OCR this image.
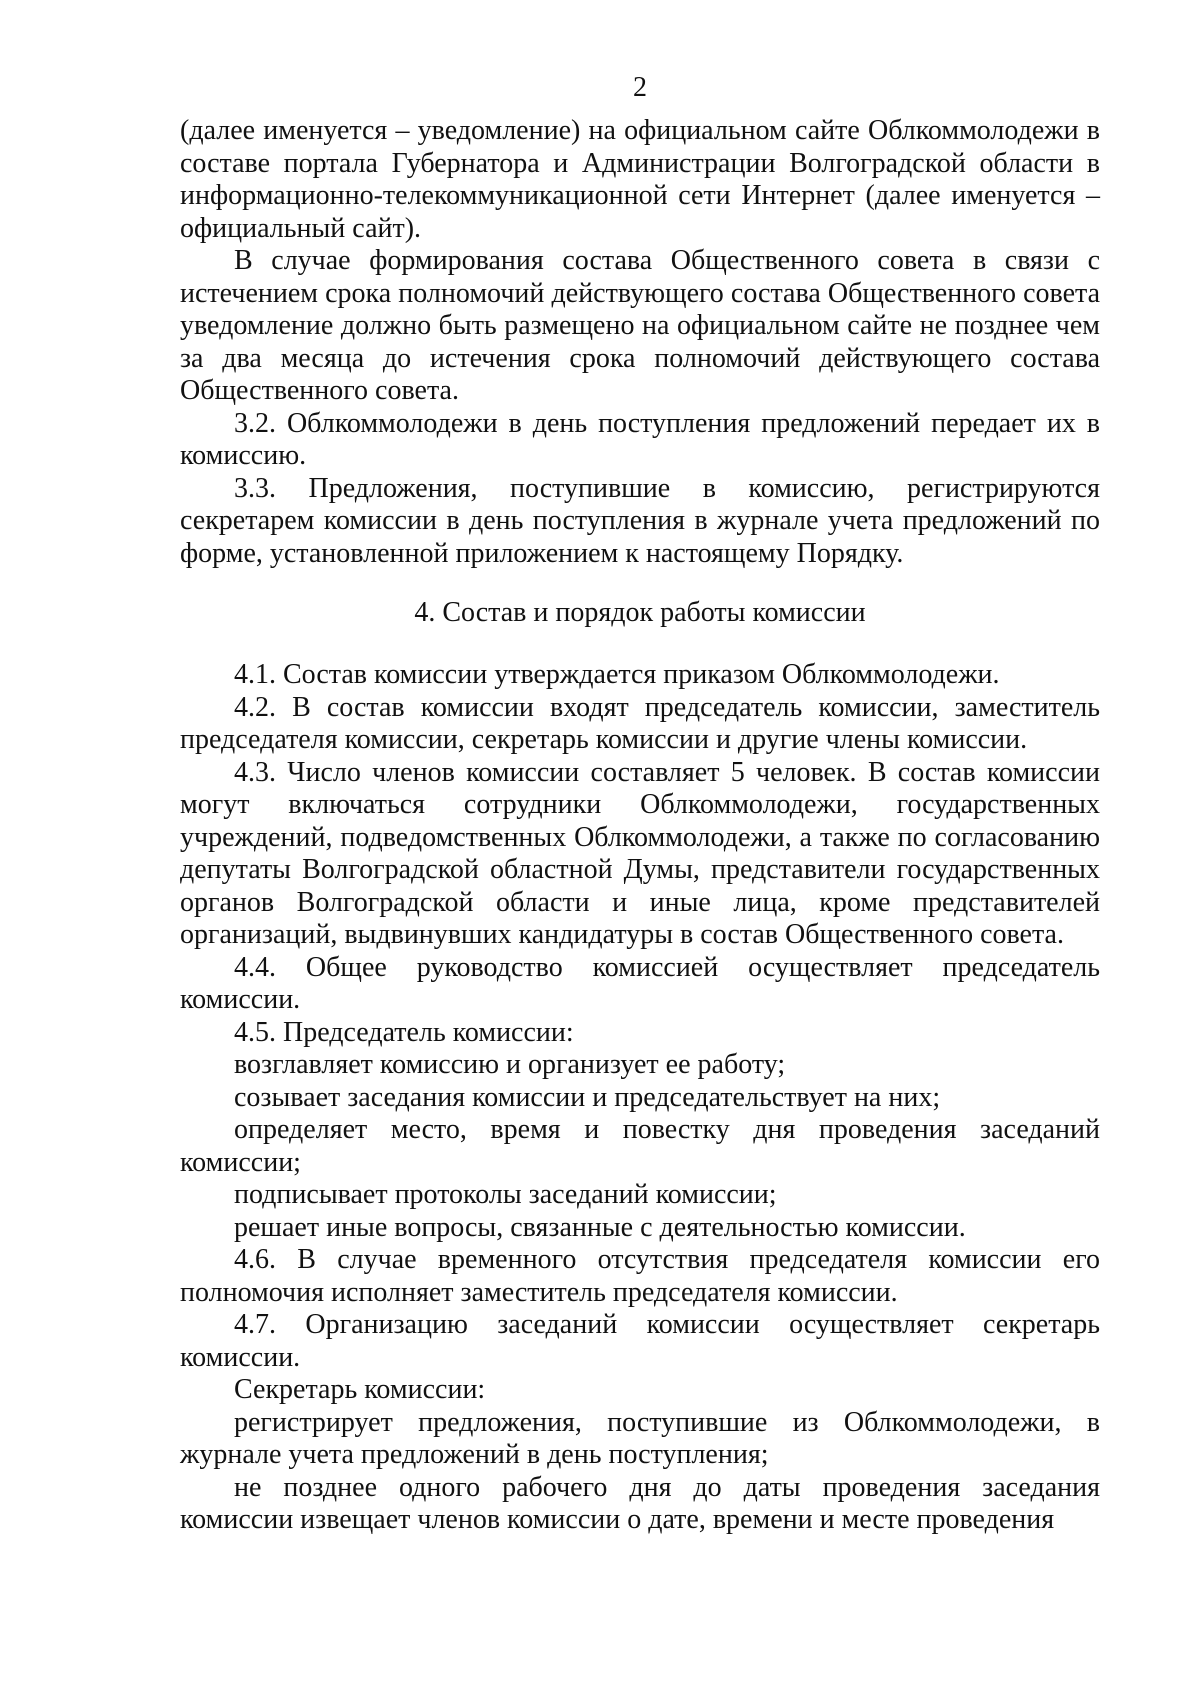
2

(далее именуется – уведомление) на официальном сайте Облкоммолодежи в составе портала Губернатора и Администрации Волгоградской области в информационно-телекоммуникационной сети Интернет (далее именуется – официальный сайт).

В случае формирования состава Общественного совета в связи с истечением срока полномочий действующего состава Общественного совета уведомление должно быть размещено на официальном сайте не позднее чем за два месяца до истечения срока полномочий действующего состава Общественного совета.

3.2. Облкоммолодежи в день поступления предложений передает их в комиссию.

3.3. Предложения, поступившие в комиссию, регистрируются секретарем комиссии в день поступления в журнале учета предложений по форме, установленной приложением к настоящему Порядку.

4. Состав и порядок работы комиссии

4.1. Состав комиссии утверждается приказом Облкоммолодежи.

4.2. В состав комиссии входят председатель комиссии, заместитель председателя комиссии, секретарь комиссии и другие члены комиссии.

4.3. Число членов комиссии составляет 5 человек. В состав комиссии могут включаться сотрудники Облкоммолодежи, государственных учреждений, подведомственных Облкоммолодежи, а также по согласованию депутаты Волгоградской областной Думы, представители государственных органов Волгоградской области и иные лица, кроме представителей организаций, выдвинувших кандидатуры в состав Общественного совета.

4.4. Общее руководство комиссией осуществляет председатель комиссии.

4.5. Председатель комиссии:

возглавляет комиссию и организует ее работу;

созывает заседания комиссии и председательствует на них;

определяет место, время и повестку дня проведения заседаний комиссии;

подписывает протоколы заседаний комиссии;

решает иные вопросы, связанные с деятельностью комиссии.

4.6. В случае временного отсутствия председателя комиссии его полномочия исполняет заместитель председателя комиссии.

4.7. Организацию заседаний комиссии осуществляет секретарь комиссии.

Секретарь комиссии:

регистрирует предложения, поступившие из Облкоммолодежи, в журнале учета предложений в день поступления;

не позднее одного рабочего дня до даты проведения заседания комиссии извещает членов комиссии о дате, времени и месте проведения
